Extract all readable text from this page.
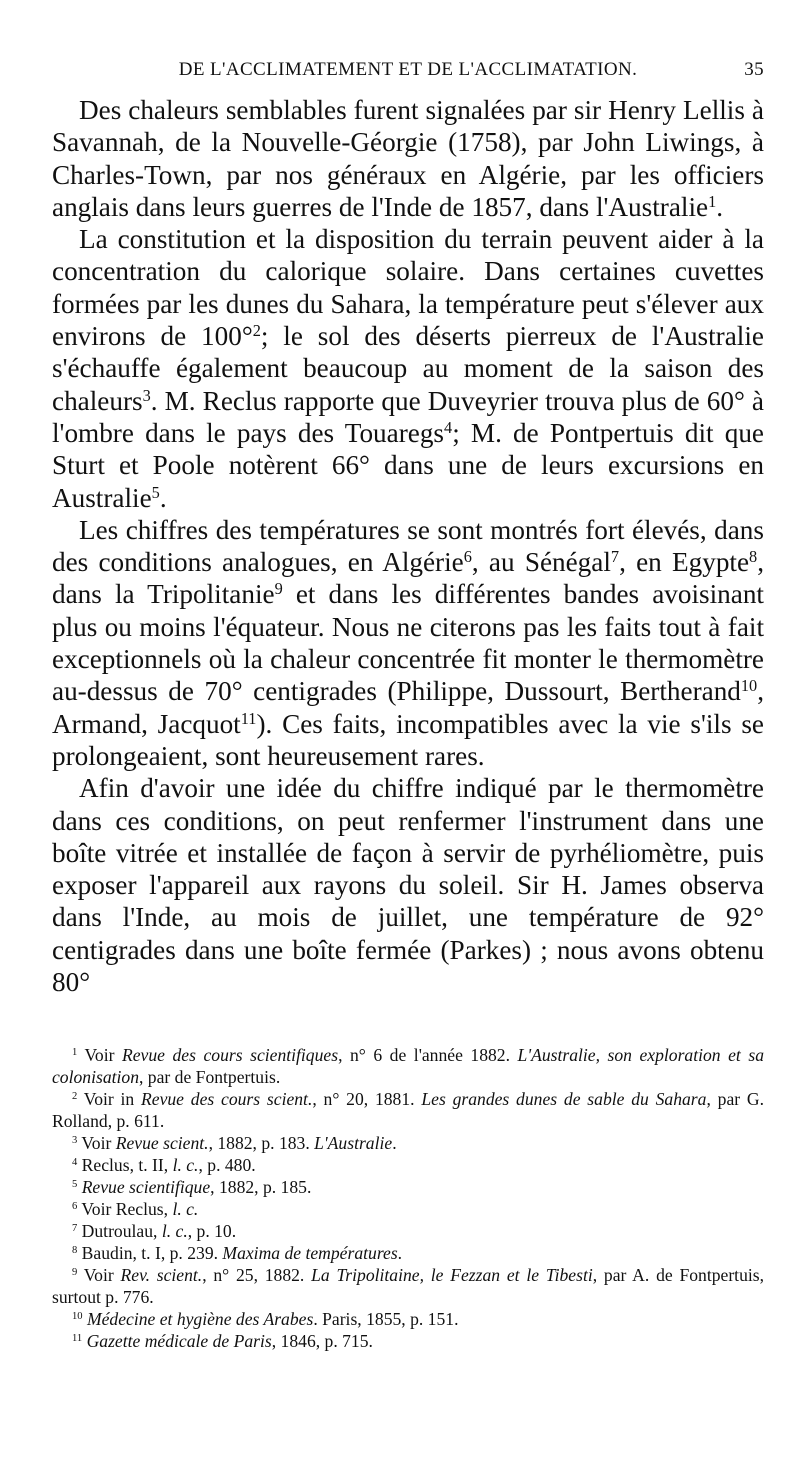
DE L'ACCLIMATEMENT ET DE L'ACCLIMATATION.	35

Des chaleurs semblables furent signalées par sir Henry Lellis à Savannah, de la Nouvelle-Géorgie (1758), par John Liwings, à Charles-Town, par nos généraux en Algérie, par les officiers anglais dans leurs guerres de l'Inde de 1857, dans l'Australie$^1$.

La constitution et la disposition du terrain peuvent aider à la concentration du calorique solaire. Dans certaines cuvettes formées par les dunes du Sahara, la température peut s'élever aux environs de 100°$^2$; le sol des déserts pierreux de l'Australie s'échauffe également beaucoup au moment de la saison des chaleurs$^3$. M. Reclus rapporte que Duveyrier trouva plus de 60° à l'ombre dans le pays des Touaregs$^4$; M. de Pontpertuis dit que Sturt et Poole notèrent 66° dans une de leurs excursions en Australie$^5$.

Les chiffres des températures se sont montrés fort élevés, dans des conditions analogues, en Algérie$^6$, au Sénégal$^7$, en Egypte$^8$, dans la Tripolitanie$^9$ et dans les différentes bandes avoisinant plus ou moins l'équateur. Nous ne citerons pas les faits tout à fait exceptionnels où la chaleur concentrée fit monter le thermomètre au-dessus de 70° centigrades (Philippe, Dussourt, Bertherand$^{10}$, Armand, Jacquot$^{11}$). Ces faits, incompatibles avec la vie s'ils se prolongeaient, sont heureusement rares.

Afin d'avoir une idée du chiffre indiqué par le thermomètre dans ces conditions, on peut renfermer l'instrument dans une boîte vitrée et installée de façon à servir de pyrhéliomètre, puis exposer l'appareil aux rayons du soleil. Sir H. James observa dans l'Inde, au mois de juillet, une température de 92° centigrades dans une boîte fermée (Parkes) ; nous avons obtenu 80°

$^1$ Voir Revue des cours scientifiques, n° 6 de l'année 1882. L'Australie, son exploration et sa colonisation, par de Fontpertuis.

$^2$ Voir in Revue des cours scient., n° 20, 1881. Les grandes dunes de sable du Sahara, par G. Rolland, p. 611.

$^3$ Voir Revue scient., 1882, p. 183. L'Australie.

$^4$ Reclus, t. II, l. c., p. 480.

$^5$ Revue scientifique, 1882, p. 185.

$^6$ Voir Reclus, l. c.

$^7$ Dutroulau, l. c., p. 10.

$^8$ Baudin, t. I, p. 239. Maxima de températures.

$^9$ Voir Rev. scient., n° 25, 1882. La Tripolitaine, le Fezzan et le Tibesti, par A. de Fontpertuis, surtout p. 776.

$^{10}$ Médecine et hygiène des Arabes. Paris, 1855, p. 151.

$^{11}$ Gazette médicale de Paris, 1846, p. 715.
